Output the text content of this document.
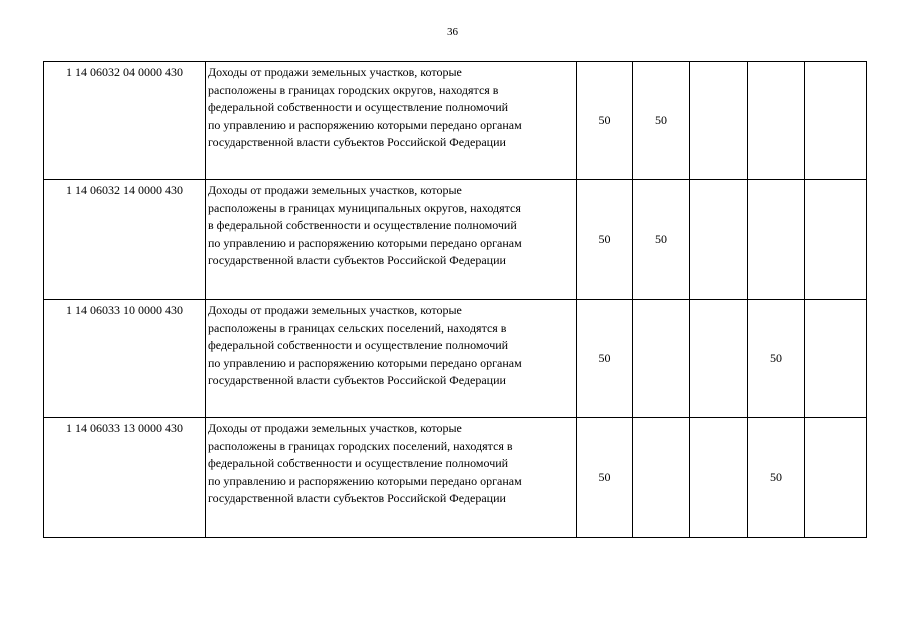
36
1 14 06032 04 0000 430	Доходы от продажи земельных участков, которые
расположены в границах городских округов, находятся в
федеральной собственности и осуществление полномочий
по управлению и распоряжению которыми передано органам
государственной власти субъектов Российской Федерации	50	50			
1 14 06032 14 0000 430	Доходы от продажи земельных участков, которые
расположены в границах муниципальных округов, находятся
в федеральной собственности и осуществление полномочий
по управлению и распоряжению которыми передано органам
государственной власти субъектов Российской Федерации	50	50			
1 14 06033 10 0000 430	Доходы от продажи земельных участков, которые
расположены в границах сельских поселений, находятся в
федеральной собственности и осуществление полномочий
по управлению и распоряжению которыми передано органам
государственной власти субъектов Российской Федерации	50			50	
1 14 06033 13 0000 430	Доходы от продажи земельных участков, которые
расположены в границах городских поселений, находятся в
федеральной собственности и осуществление полномочий
по управлению и распоряжению которыми передано органам
государственной власти субъектов Российской Федерации	50			50	
